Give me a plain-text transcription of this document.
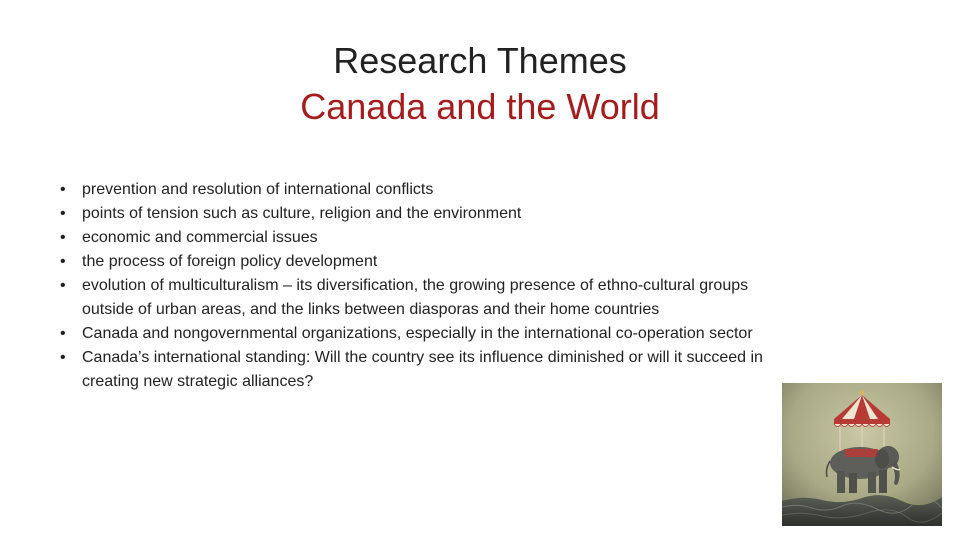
Research Themes
Canada and the World
• prevention and resolution of international conflicts
• points of tension such as culture, religion and the environment
• economic and commercial issues
• the process of foreign policy development
• evolution of multiculturalism – its diversification, the growing presence of ethno-cultural groups outside of urban areas, and the links between diasporas and their home countries
• Canada and nongovernmental organizations, especially in the international co-operation sector
• Canada’s international standing: Will the country see its influence diminished or will it succeed in creating new strategic alliances?
